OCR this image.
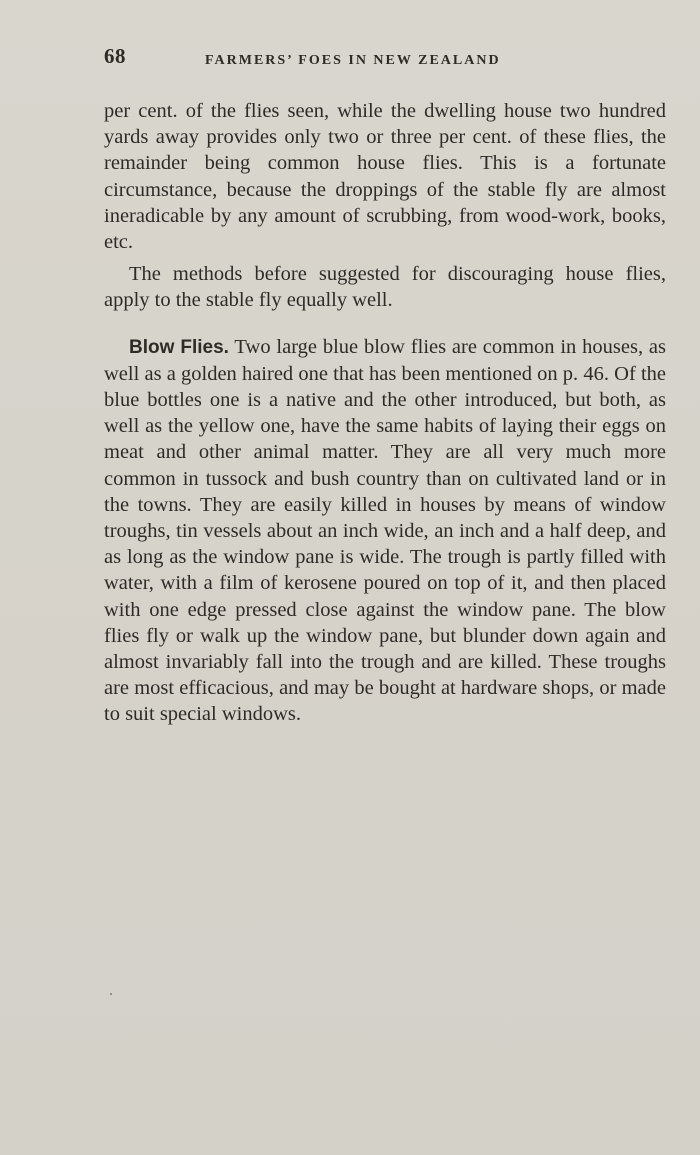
68	FARMERS’ FOES IN NEW ZEALAND

per cent. of the flies seen, while the dwelling house two hundred yards away provides only two or three per cent. of these flies, the remainder being common house flies. This is a fortunate circumstance, because the droppings of the stable fly are almost ineradicable by any amount of scrubbing, from wood-work, books, etc.

The methods before suggested for discouraging house flies, apply to the stable fly equally well.

Blow Flies. Two large blue blow flies are common in houses, as well as a golden haired one that has been mentioned on p. 46. Of the blue bottles one is a native and the other introduced, but both, as well as the yellow one, have the same habits of laying their eggs on meat and other animal matter. They are all very much more common in tussock and bush country than on cultivated land or in the towns. They are easily killed in houses by means of window troughs, tin vessels about an inch wide, an inch and a half deep, and as long as the window pane is wide. The trough is partly filled with water, with a film of kerosene poured on top of it, and then placed with one edge pressed close against the window pane. The blow flies fly or walk up the window pane, but blunder down again and almost invariably fall into the trough and are killed. These troughs are most efficacious, and may be bought at hardware shops, or made to suit special windows.
